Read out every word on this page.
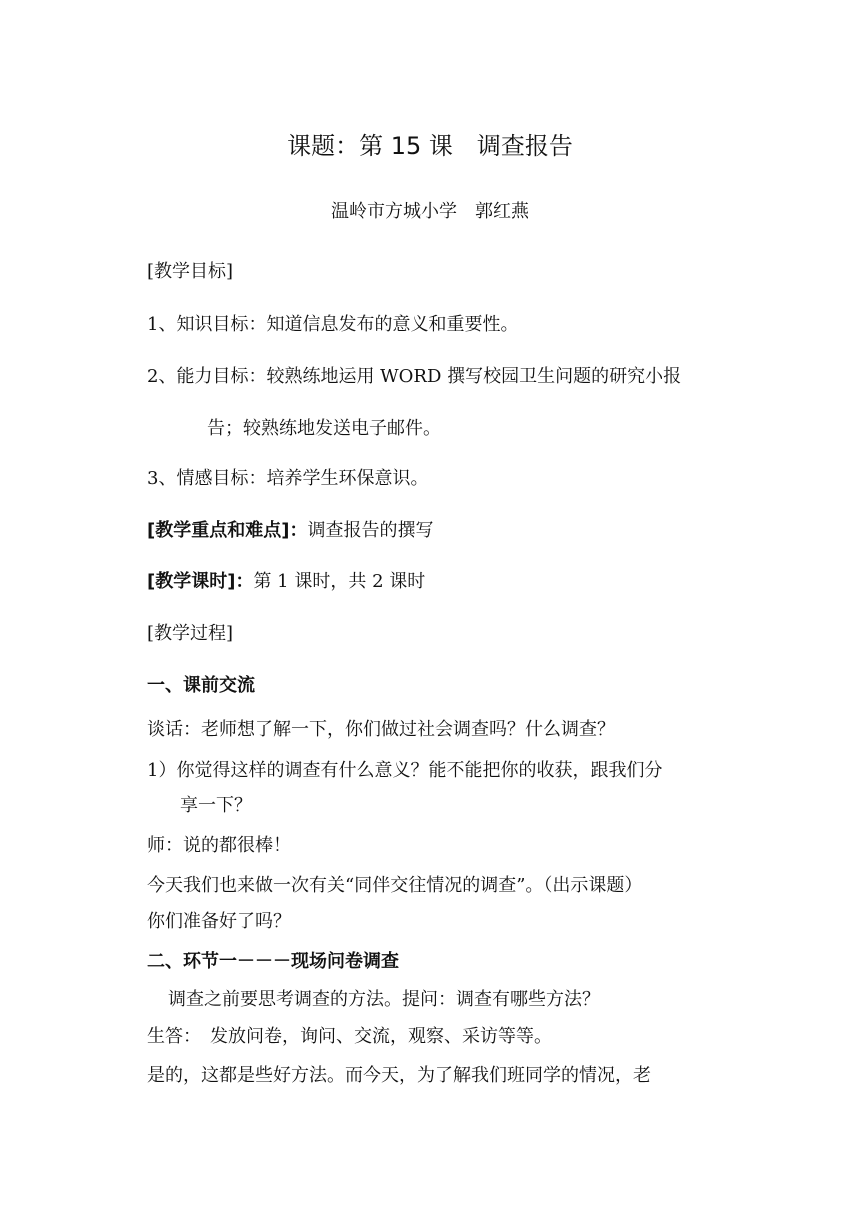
课题：第 15 课　调查报告
温岭市方城小学　郭红燕
[教学目标]
1、知识目标：知道信息发布的意义和重要性。
2、能力目标：较熟练地运用 WORD 撰写校园卫生问题的研究小报
告；较熟练地发送电子邮件。
3、情感目标：培养学生环保意识。
[教学重点和难点]：调查报告的撰写
[教学课时]：第 1 课时，共 2 课时
[教学过程]
一、课前交流
谈话：老师想了解一下，你们做过社会调查吗？什么调查？
1）你觉得这样的调查有什么意义？能不能把你的收获，跟我们分
享一下？
师：说的都很棒！
今天我们也来做一次有关“同伴交往情况的调查”。（出示课题）
你们准备好了吗？
二、环节一－－－现场问卷调查
调查之前要思考调查的方法。提问：调查有哪些方法？
生答：　发放问卷，询问、交流，观察、采访等等。
是的，这都是些好方法。而今天，为了解我们班同学的情况，老
